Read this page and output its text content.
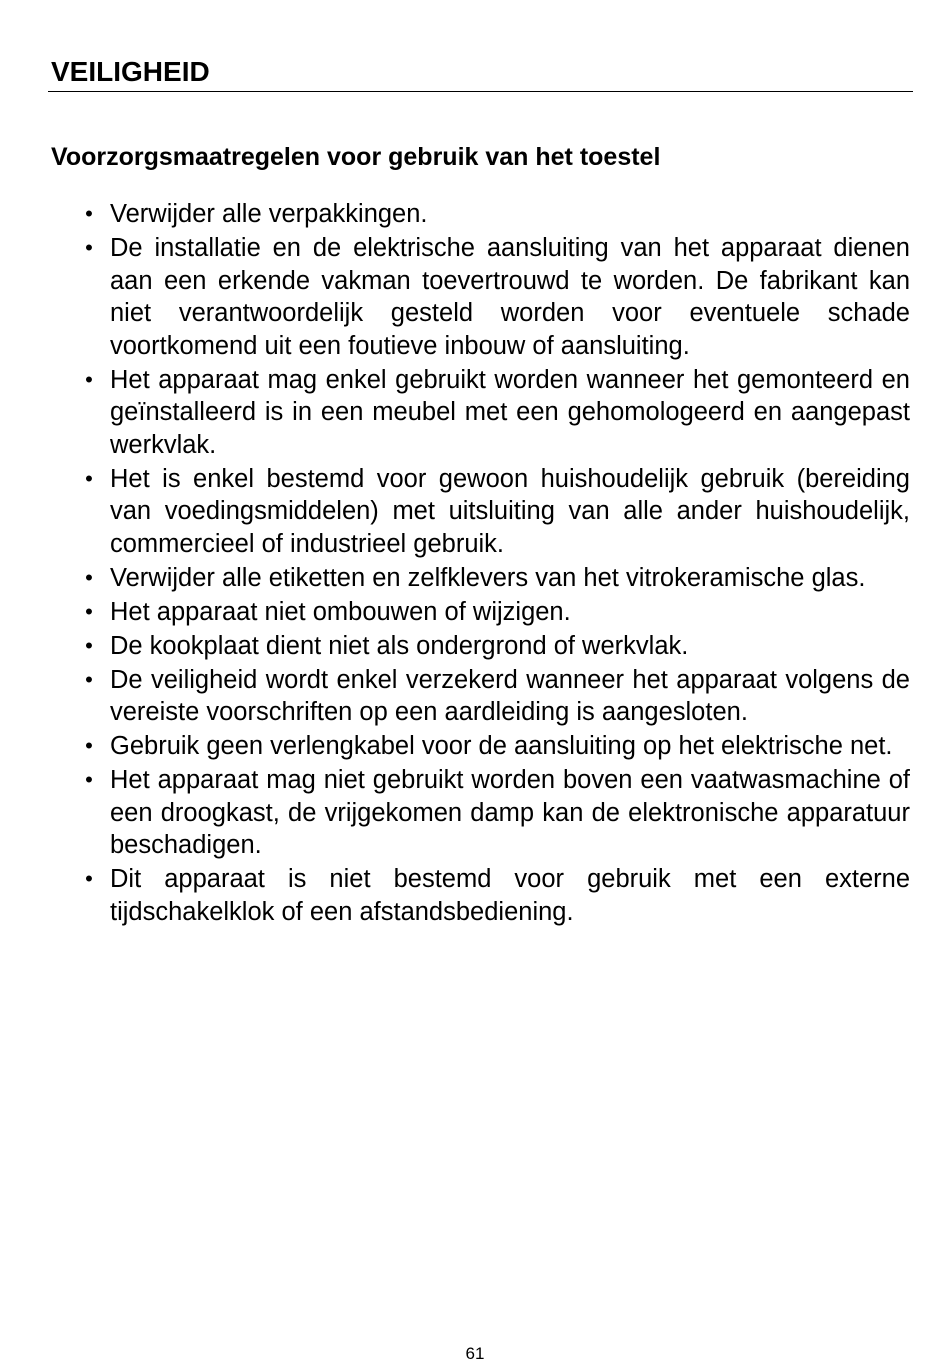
VEILIGHEID
Voorzorgsmaatregelen voor gebruik van het toestel
• Verwijder alle verpakkingen.
• De installatie en de elektrische aansluiting van het apparaat dienen aan een erkende vakman toevertrouwd te worden. De fabrikant kan niet verantwoordelijk gesteld worden voor eventuele schade voortkomend uit een foutieve inbouw of aansluiting.
• Het apparaat mag enkel gebruikt worden wanneer het gemonteerd en geïnstalleerd is in een meubel met een gehomologeerd en aangepast werkvlak.
• Het is enkel bestemd voor gewoon huishoudelijk gebruik (bereiding van voedingsmiddelen) met uitsluiting van alle ander huishoudelijk, commercieel of industrieel gebruik.
• Verwijder alle etiketten en zelfklevers van het vitrokeramische glas.
• Het apparaat niet ombouwen of wijzigen.
• De kookplaat dient niet als ondergrond of werkvlak.
• De veiligheid wordt enkel verzekerd wanneer het apparaat volgens de vereiste voorschriften op een aardleiding is aangesloten.
• Gebruik geen verlengkabel voor de aansluiting op het elektrische net.
• Het apparaat mag niet gebruikt worden boven een vaatwasmachine of een droogkast, de vrijgekomen damp kan de elektronische apparatuur beschadigen.
• Dit apparaat is niet bestemd voor gebruik met een externe tijdschakelklok of een afstandsbediening.
61
